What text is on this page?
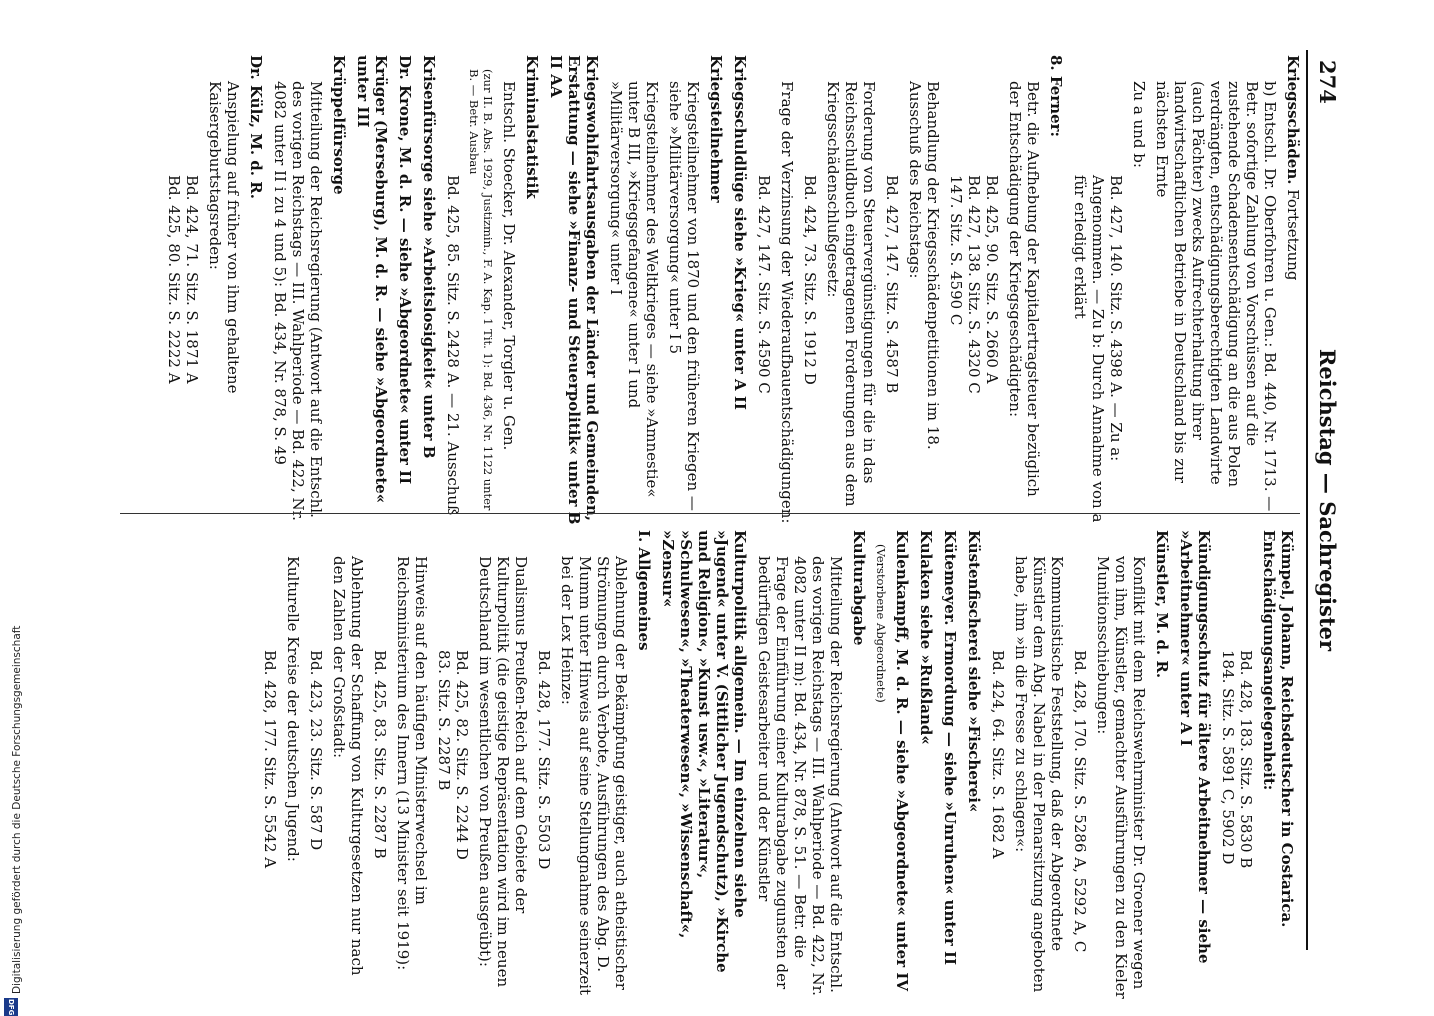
274
Reichstag — Sachregister
Kriegsschäden. Fortsetzung
b) Entschl. Dr. Oberfohren u. Gen.: Bd. 440, Nr. 1713. — Betr. sofortige Zahlung von Vorschüssen auf die zustehende Schadensentschädigung an die aus Polen verdrängten, entschädigungsberechtigten Landwirte (auch Pächter) zwecks Aufrechterhaltung ihrer landwirtschaftlichen Betriebe in Deutschland bis zur nächsten Ernte
Zu a und b:
Bd. 427, 140. Sitz. S. 4398 A. — Zu a: Angenommen. — Zu b: Durch Annahme von a für erledigt erklärt
8. Ferner:
Betr. die Aufhebung der Kapitalertragsteuer bezüglich der Entschädigung der Kriegsgeschädigten:
Bd. 425, 90. Sitz. S. 2660 A
Bd. 427, 138. Sitz. S. 4320 C
147. Sitz. S. 4590 C
Behandlung der Kriegsschädenpetitionen im 18. Ausschuß des Reichstags:
Bd. 427, 147. Sitz. S. 4587 B
Forderung von Steuervergünstigungen für die in das Reichsschuldbuch eingetragenen Forderungen aus dem Kriegsschädenschlußgesetz:
Bd. 424, 73. Sitz. S. 1912 D
Frage der Verzinsung der Wiederaufbauentschädigungen:
Bd. 427, 147. Sitz. S. 4590 C
Kriegsschuldlüge siehe »Krieg« unter A II
Kriegsteilnehmer
Kriegsteilnehmer von 1870 und den früheren Kriegen — siehe »Militärversorgung« unter I 5
Kriegsteilnehmer des Weltkrieges — siehe »Amnestie« unter B III, »Kriegsgefangene« unter I und »Militärversorgung« unter I
Kriegswohlfahrtsausgaben der Länder und Gemeinden, Erstattung — siehe »Finanz- und Steuerpolitik« unter B II AA
Kriminalstatistik
Entschl. Stoecker, Dr. Alexander, Torgler u. Gen.
(zur II. B. Abs. 1929, Justizmin., F. A. Kap. 1 Tit. 1): Bd. 436, Nr. 1122 unter B. — Betr. Ausbau
Bd. 425, 85. Sitz. S. 2428 A. — 21. Ausschuß
Krisenfürsorge siehe »Arbeitslosigkeit« unter B
Dr. Krone, M. d. R. — siehe »Abgeordnete« unter II
Krüger (Merseburg), M. d. R. — siehe »Abgeordnete« unter III
Krüppelfürsorge
Mitteilung der Reichsregierung (Antwort auf die Entschl. des vorigen Reichstags — III. Wahlperiode — Bd. 422, Nr. 4082 unter II i zu 4 und 5): Bd. 434, Nr. 878, S. 49
Dr. Külz, M. d. R.
Anspielung auf früher von ihm gehaltene Kaisergeburtstagsreden:
Bd. 424, 71. Sitz. S. 1871 A
Bd. 425, 80. Sitz. S. 2222 A
Kümpel, Johann, Reichsdeutscher in Costarica. Entschädigungsangelegenheit:
Bd. 428, 183. Sitz. S. 5830 B
184. Sitz. S. 5891 C, 5902 D
Kündigungsschutz für ältere Arbeitnehmer — siehe »Arbeitnehmer« unter A I
Künstler, M. d. R.
Konflikt mit dem Reichswehrminister Dr. Groener wegen von ihm, Künstler, gemachter Ausführungen zu den Kieler Munitionsschiebungen:
Bd. 428, 170. Sitz. S. 5286 A, 5292 A, C
Kommunistische Feststellung, daß der Abgeordnete Künstler dem Abg. Nabel in der Plenarsitzung angeboten habe, ihm »in die Fresse zu schlagen«:
Bd. 424, 64. Sitz. S. 1682 A
Küstenfischerei siehe »Fischerei«
Kütemeyer. Ermordung — siehe »Unruhen« unter II
Kulaken siehe »Rußland«
Kulenkampff, M. d. R. — siehe »Abgeordnete« unter IV
(Verstorbene Abgeordnete)
Kulturabgabe
Mitteilung der Reichsregierung (Antwort auf die Entschl. des vorigen Reichstags — III. Wahlperiode — Bd. 422, Nr. 4082 unter II m): Bd. 434, Nr. 878, S. 51. — Betr. die Frage der Einführung einer Kulturabgabe zugunsten der bedürftigen Geistesarbeiter und der Künstler
Kulturpolitik allgemein. — Im einzelnen siehe »Jugend« unter V. (Sittlicher Jugendschutz), »Kirche und Religion«, »Kunst usw.«, »Literatur«, »Schulwesen«, »Theaterwesen«, »Wissenschaft«, »Zensur«
I. Allgemeines
Ablehnung der Bekämpfung geistiger, auch atheistischer Strömungen durch Verbote, Ausführungen des Abg. D. Mumm unter Hinweis auf seine Stellungnahme seinerzeit bei der Lex Heinze:
Bd. 428, 177. Sitz. S. 5503 D
Dualismus Preußen-Reich auf dem Gebiete der Kulturpolitik (die geistige Repräsentation wird im neuen Deutschland im wesentlichen von Preußen ausgeübt):
Bd. 425, 82. Sitz. S. 2244 D
83. Sitz. S. 2287 B
Hinweis auf den häufigen Ministerwechsel im Reichsministerium des Innern (13 Minister seit 1919):
Bd. 425, 83. Sitz. S. 2287 B
Ablehnung der Schaffung von Kulturgesetzen nur nach den Zahlen der Großstadt:
Bd. 423, 23. Sitz. S. 587 D
Kulturelle Kreise der deutschen Jugend:
Bd. 428, 177. Sitz. S. 5542 A
Digitalisierung gefördert durch die Deutsche Forschungsgemeinschaft
DFG
